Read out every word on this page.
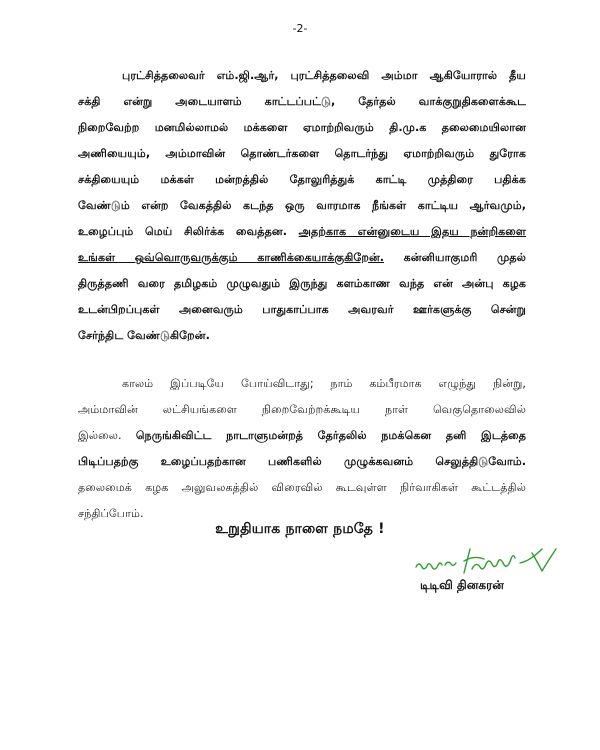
-2-
புரட்சித்தலைவர் எம்.ஜி.ஆர், புரட்சித்தலைவி அம்மா ஆகியோரால் தீய
சக்தி என்று அடையாளம் காட்டப்பட்டு, தேர்தல் வாக்குறுதிகளைக்கூட
நிறைவேற்ற மனமில்லாமல் மக்களை ஏமாற்றிவரும் தி.மு.க தலைமையிலான
அணியையும், அம்மாவின் தொண்டர்களை தொடர்ந்து ஏமாற்றிவரும் துரோக
சக்தியையும் மக்கள் மன்றத்தில் தோலுரித்துக் காட்டி முத்திரை பதிக்க
வேண்டும் என்ற வேகத்தில் கடந்த ஒரு வாரமாக நீங்கள் காட்டிய ஆர்வமும்,
உழைப்பும் மெய் சிலிர்க்க வைத்தன. அதற்காக என்னுடைய இதய நன்றிகளை
உங்கள் ஒவ்வொருவருக்கும் காணிக்கையாக்குகிறேன். கன்னியாகுமரி முதல்
திருத்தணி வரை தமிழகம் முழுவதும் இருந்து களம்காண வந்த என் அன்பு கழக
உடன்பிறப்புகள் அனைவரும் பாதுகாப்பாக அவரவர் ஊர்களுக்கு சென்று
சேர்ந்திட வேண்டுகிறேன்.
காலம் இப்படியே போய்விடாது; நாம் கம்பீரமாக எழுந்து நின்று,
அம்மாவின் லட்சியங்களை நிறைவேற்றக்கூடிய நாள் வெகுதொலைவில்
இல்லை. நெருங்கிவிட்ட நாடாளுமன்றத் தேர்தலில் நமக்கென தனி இடத்தை
பிடிப்பதற்கு உழைப்பதற்கான பணிகளில் முழுக்கவனம் செலுத்திடுவோம்.
தலைமைக் கழக அலுவலகத்தில் விரைவில் கூடவுள்ள நிர்வாகிகள் கூட்டத்தில்
சந்திப்போம்.
உறுதியாக நாளை நமதே !
டிடிவி தினகரன்
